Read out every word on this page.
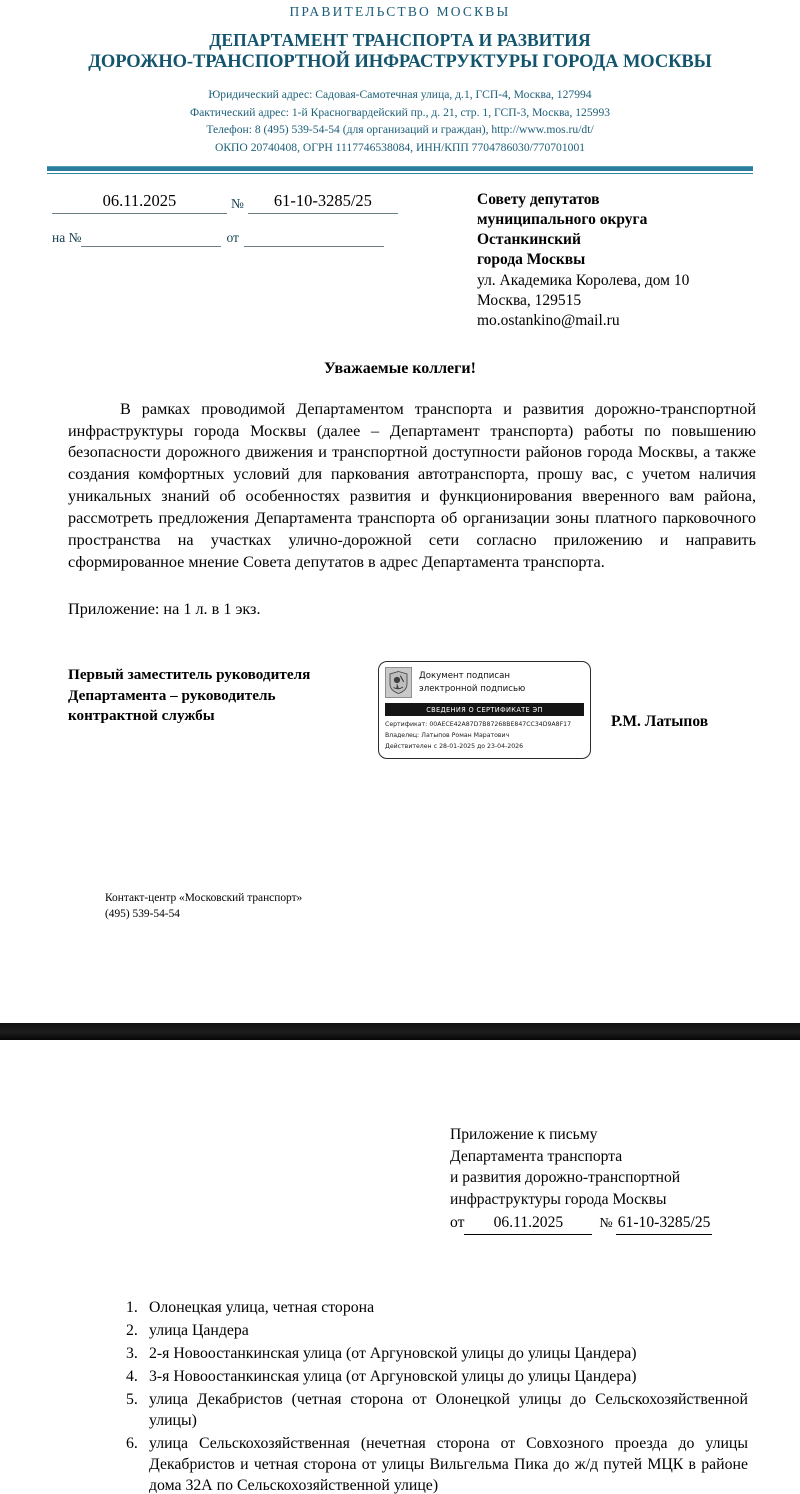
ПРАВИТЕЛЬСТВО МОСКВЫ
ДЕПАРТАМЕНТ ТРАНСПОРТА И РАЗВИТИЯ
ДОРОЖНО-ТРАНСПОРТНОЙ ИНФРАСТРУКТУРЫ ГОРОДА МОСКВЫ
Юридический адрес: Садовая-Самотечная улица, д.1, ГСП-4, Москва, 127994
Фактический адрес: 1-й Красногвардейский пр., д. 21, стр. 1, ГСП-3, Москва, 125993
Телефон: 8 (495) 539-54-54 (для организаций и граждан), http://www.mos.ru/dt/
ОКПО 20740408, ОГРН 1117746538084, ИНН/КПП 7704786030/770701001
06.11.2025	№	61-10-3285/25
на №	от
Совету депутатов
муниципального округа
Останкинский
города Москвы
ул. Академика Королева, дом 10
Москва, 129515
mo.ostankino@mail.ru
Уважаемые коллеги!
В рамках проводимой Департаментом транспорта и развития дорожно-транспортной инфраструктуры города Москвы (далее – Департамент транспорта) работы по повышению безопасности дорожного движения и транспортной доступности районов города Москвы, а также создания комфортных условий для паркования автотранспорта, прошу вас, с учетом наличия уникальных знаний об особенностях развития и функционирования вверенного вам района, рассмотреть предложения Департамента транспорта об организации зоны платного парковочного пространства на участках улично-дорожной сети согласно приложению и направить сформированное мнение Совета депутатов в адрес Департамента транспорта.
Приложение: на 1 л. в 1 экз.
Первый заместитель руководителя
Департамента – руководитель
контрактной службы
Документ подписан
электронной подписью
СВЕДЕНИЯ О СЕРТИФИКАТЕ ЭП
Сертификат: 00AECE42A87D7B87268BE847CC34D9A8F17
Владелец: Латыпов Роман Маратович
Действителен с 28-01-2025 до 23-04-2026
Р.М. Латыпов
Контакт-центр «Московский транспорт»
(495) 539-54-54
Приложение к письму
Департамента транспорта
и развития дорожно-транспортной
инфраструктуры города Москвы
от	06.11.2025	№ 61-10-3285/25
1. Олонецкая улица, четная сторона
2. улица Цандера
3. 2-я Новоостанкинская улица (от Аргуновской улицы до улицы Цандера)
4. 3-я Новоостанкинская улица (от Аргуновской улицы до улицы Цандера)
5. улица Декабристов (четная сторона от Олонецкой улицы до Сельскохозяйственной улицы)
6. улица Сельскохозяйственная (нечетная сторона от Совхозного проезда до улицы Декабристов и четная сторона от улицы Вильгельма Пика до ж/д путей МЦК в районе дома 32А по Сельскохозяйственной улице)
